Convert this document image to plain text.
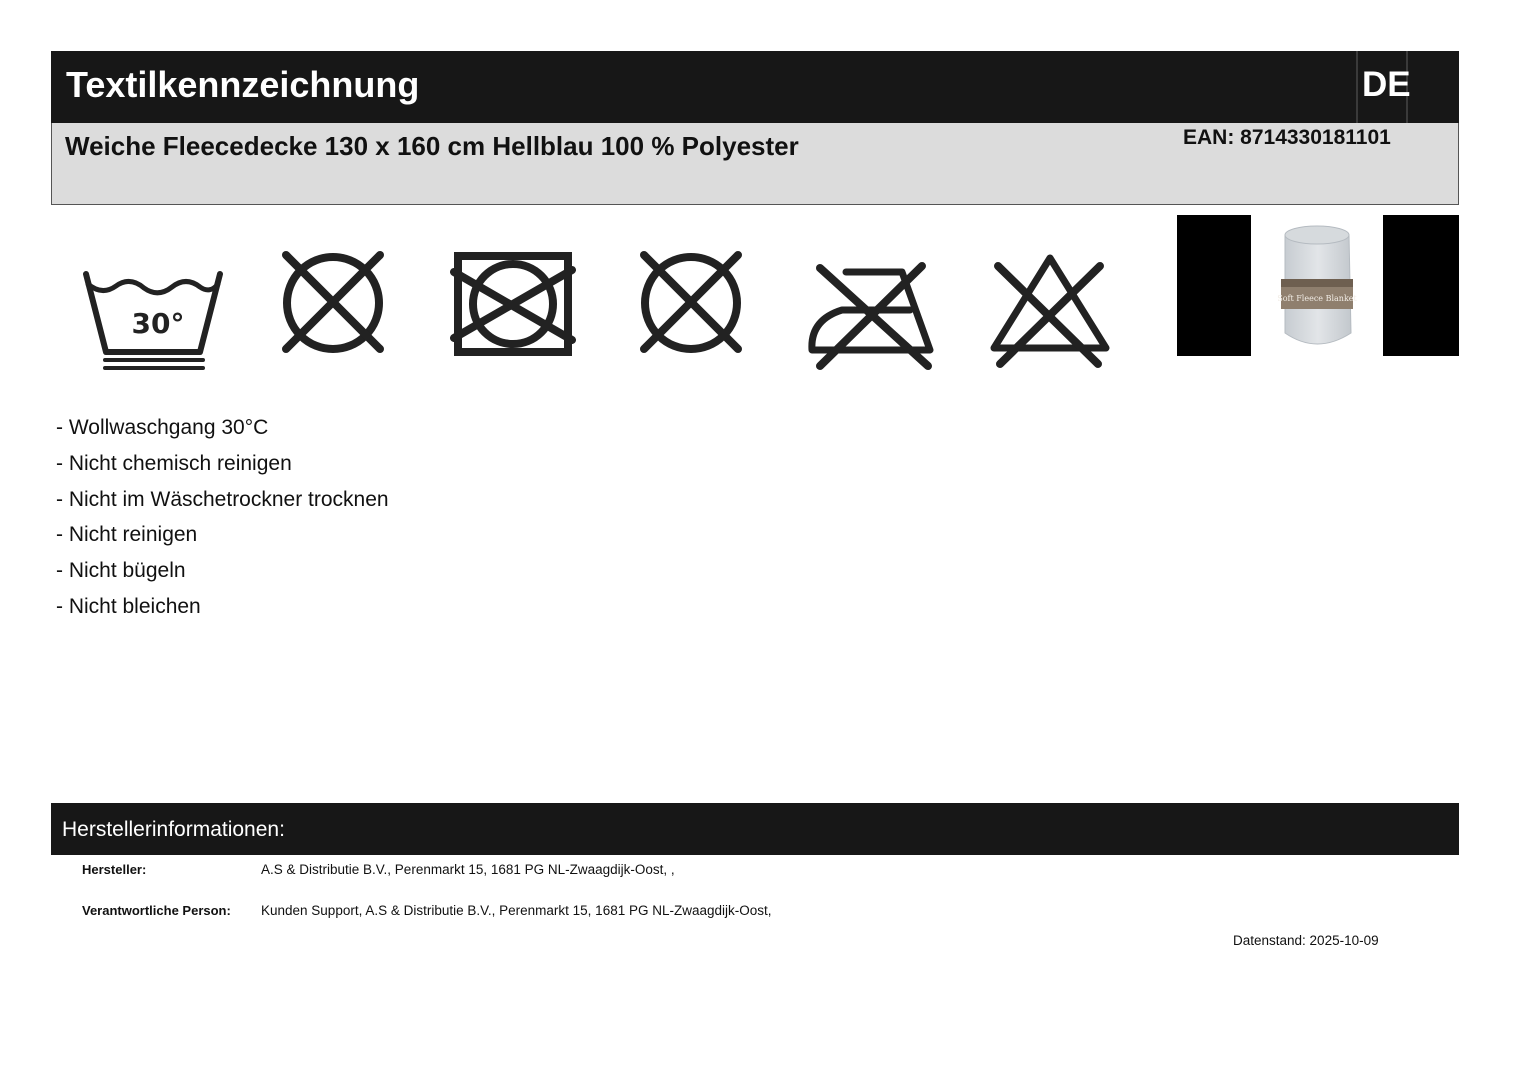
Textilkennzeichnung	DE
Weiche Fleecedecke 130 x 160 cm Hellblau 100 % Polyester	EAN: 8714330181101
30°
Soft Fleece Blanket
- Wollwaschgang 30°C
- Nicht chemisch reinigen
- Nicht im Wäschetrockner trocknen
- Nicht reinigen
- Nicht bügeln
- Nicht bleichen
Herstellerinformationen:
Hersteller:	A.S & Distributie B.V., Perenmarkt 15, 1681 PG NL-Zwaagdijk-Oost, ,
Verantwortliche Person: Kunden Support, A.S & Distributie B.V., Perenmarkt 15, 1681 PG NL-Zwaagdijk-Oost,
Datenstand: 2025-10-09
